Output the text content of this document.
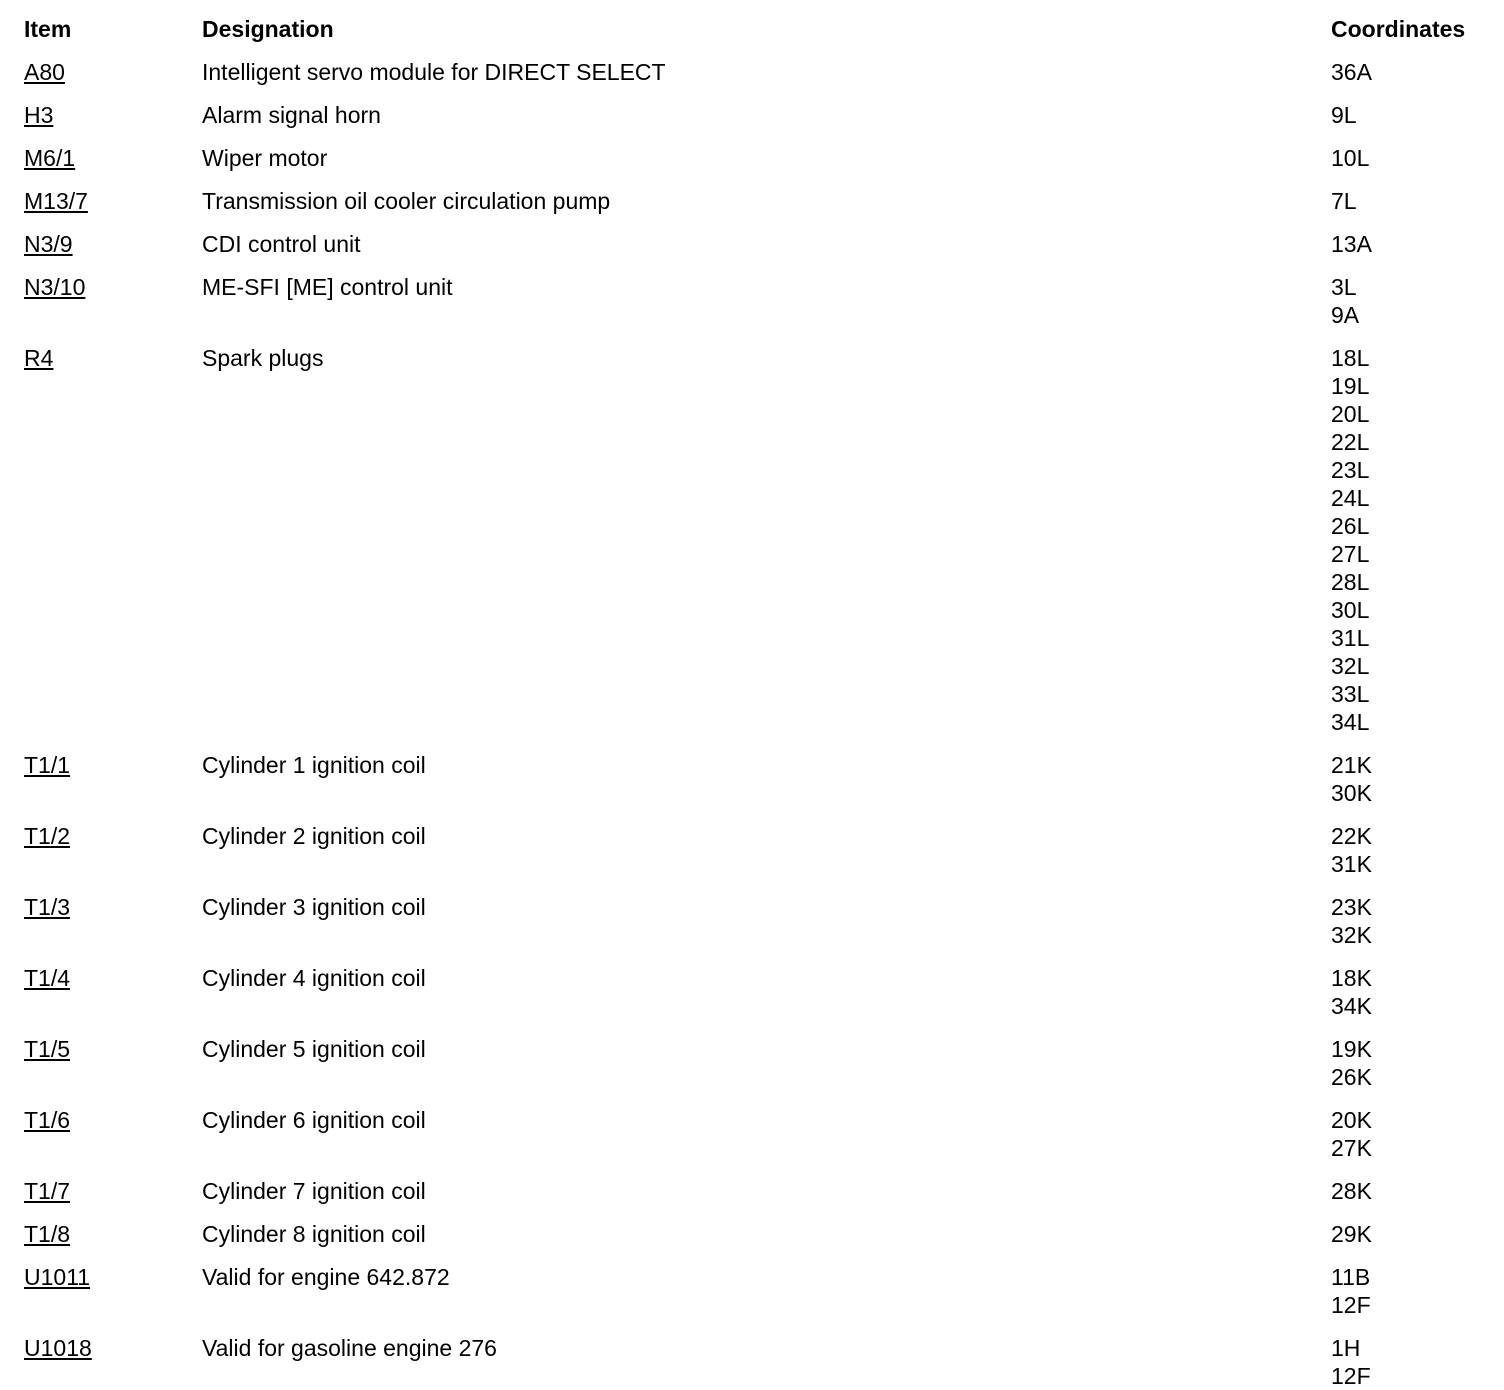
Item	Designation	Coordinates
A80	Intelligent servo module for DIRECT SELECT	36A
H3	Alarm signal horn	9L
M6/1	Wiper motor	10L
M13/7	Transmission oil cooler circulation pump	7L
N3/9	CDI control unit	13A
N3/10	ME-SFI [ME] control unit	3L
9A
R4	Spark plugs	18L
19L
20L
22L
23L
24L
26L
27L
28L
30L
31L
32L
33L
34L
T1/1	Cylinder 1 ignition coil	21K
30K
T1/2	Cylinder 2 ignition coil	22K
31K
T1/3	Cylinder 3 ignition coil	23K
32K
T1/4	Cylinder 4 ignition coil	18K
34K
T1/5	Cylinder 5 ignition coil	19K
26K
T1/6	Cylinder 6 ignition coil	20K
27K
T1/7	Cylinder 7 ignition coil	28K
T1/8	Cylinder 8 ignition coil	29K
U1011	Valid for engine 642.872	11B
12F
U1018	Valid for gasoline engine 276	1H
12F
